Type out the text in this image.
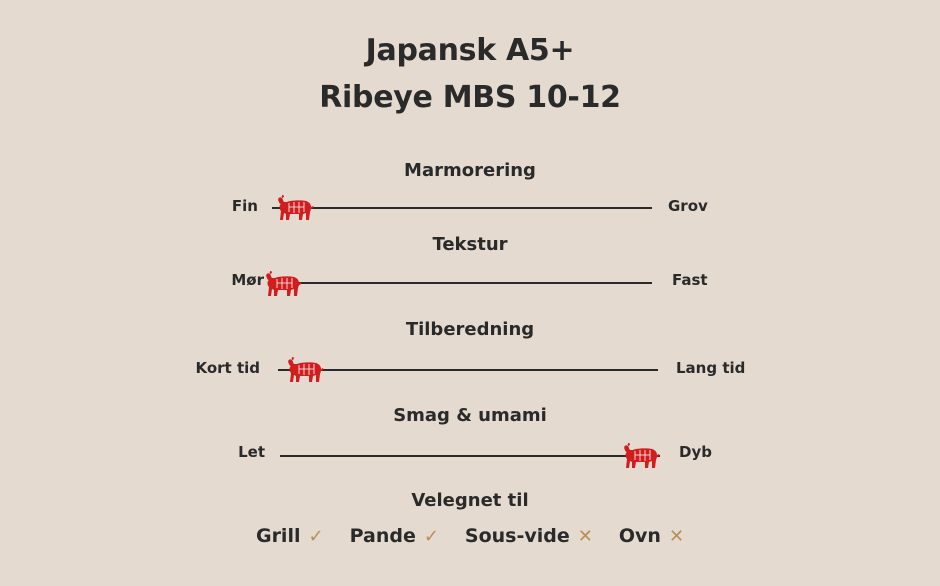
Japansk A5+
Ribeye MBS 10-12
Marmorering
Fin	Grov
Tekstur
Mør	Fast
Tilberedning
Kort tid	Lang tid
Smag & umami
Let	Dyb
Velegnet til
Grill ✓ Pande ✓ Sous-vide ✕ Ovn ✕
